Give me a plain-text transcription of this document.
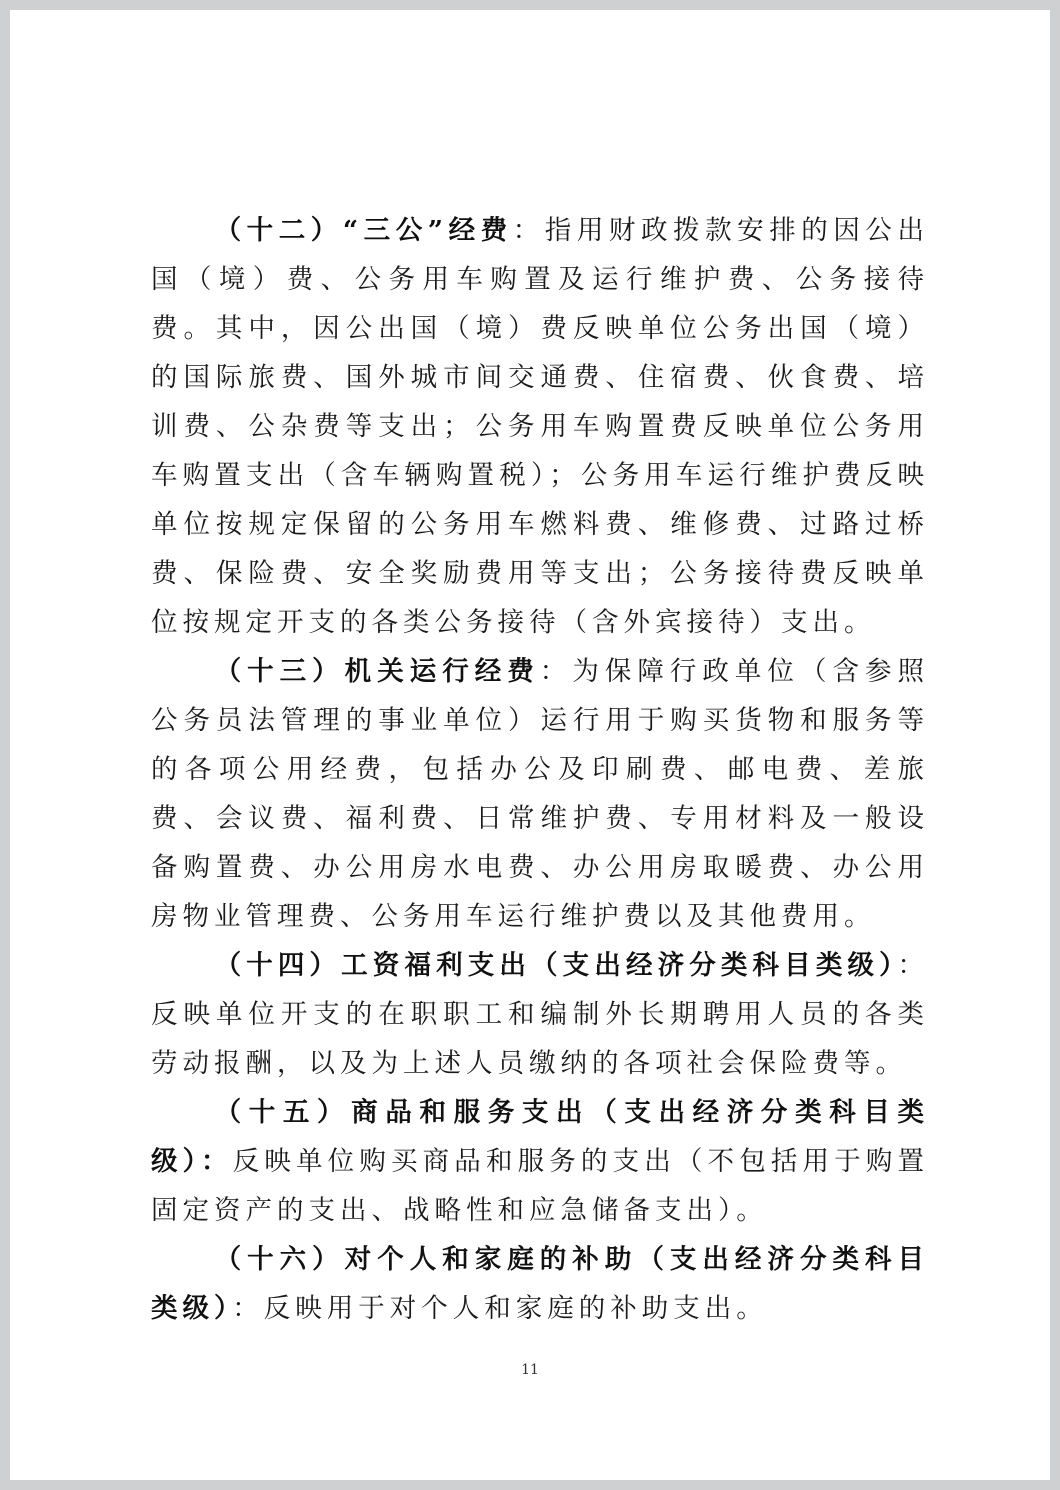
（十二）“三公”经费：指用财政拨款安排的因公出国（境）费、公务用车购置及运行维护费、公务接待费。其中，因公出国（境）费反映单位公务出国（境）的国际旅费、国外城市间交通费、住宿费、伙食费、培训费、公杂费等支出；公务用车购置费反映单位公务用车购置支出（含车辆购置税）；公务用车运行维护费反映单位按规定保留的公务用车燃料费、维修费、过路过桥费、保险费、安全奖励费用等支出；公务接待费反映单位按规定开支的各类公务接待（含外宾接待）支出。

（十三）机关运行经费：为保障行政单位（含参照公务员法管理的事业单位）运行用于购买货物和服务等的各项公用经费，包括办公及印刷费、邮电费、差旅费、会议费、福利费、日常维护费、专用材料及一般设备购置费、办公用房水电费、办公用房取暖费、办公用房物业管理费、公务用车运行维护费以及其他费用。

（十四）工资福利支出（支出经济分类科目类级）：反映单位开支的在职职工和编制外长期聘用人员的各类劳动报酬，以及为上述人员缴纳的各项社会保险费等。

（十五）商品和服务支出（支出经济分类科目类级）：反映单位购买商品和服务的支出（不包括用于购置固定资产的支出、战略性和应急储备支出）。

（十六）对个人和家庭的补助（支出经济分类科目类级）：反映用于对个人和家庭的补助支出。

11
